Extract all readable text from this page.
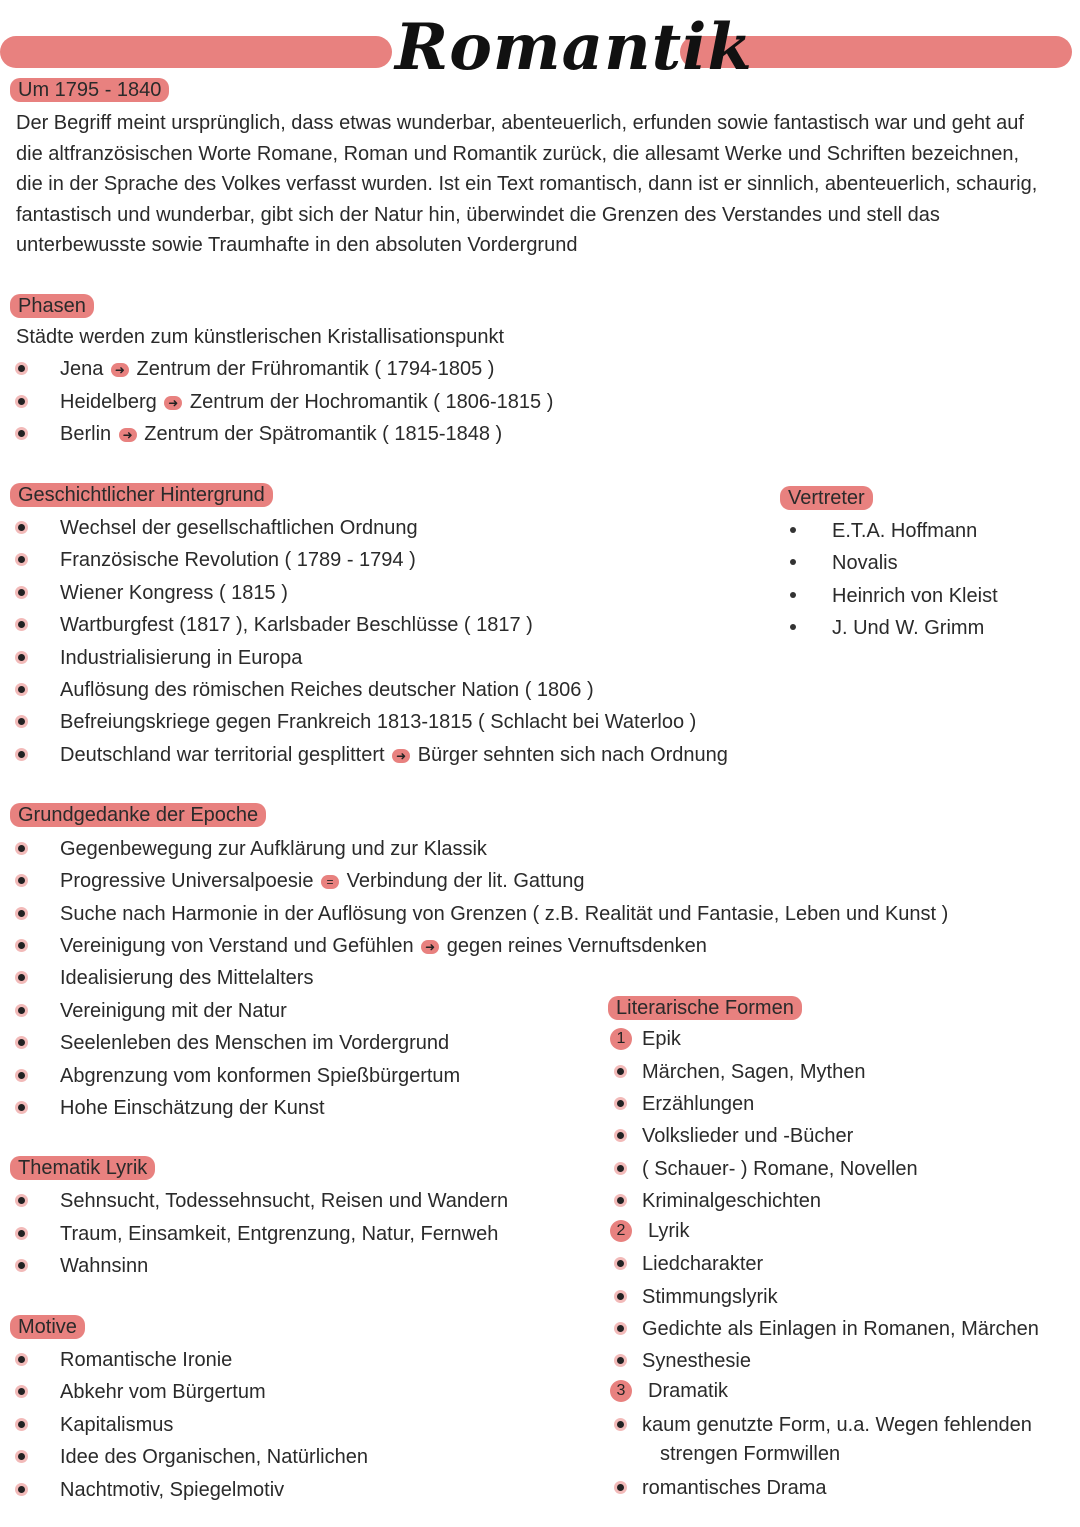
Romantik
Um 1795 - 1840

Der Begriff meint ursprünglich, dass etwas wunderbar, abenteuerlich, erfunden sowie fantastisch war und geht auf die altfranzösischen Worte Romane, Roman und Romantik zurück, die allesamt Werke und Schriften bezeichnen, die in der Sprache des Volkes verfasst wurden. Ist ein Text romantisch, dann ist er sinnlich, abenteuerlich, schaurig, fantastisch und wunderbar, gibt sich der Natur hin, überwindet die Grenzen des Verstandes und stell das unterbewusste sowie Traumhafte in den absoluten Vordergrund

Phasen
Städte werden zum künstlerischen Kristallisationspunkt
Jena ➜ Zentrum der Frühromantik ( 1794-1805 )
Heidelberg ➜ Zentrum der Hochromantik ( 1806-1815 )
Berlin ➜ Zentrum der Spätromantik ( 1815-1848 )
Geschichtlicher Hintergrund
Wechsel der gesellschaftlichen Ordnung
Französische Revolution ( 1789 - 1794 )
Wiener Kongress ( 1815 )
Wartburgfest (1817 ), Karlsbader Beschlüsse ( 1817 )
Industrialisierung in Europa
Auflösung des römischen Reiches deutscher Nation ( 1806 )
Befreiungskriege gegen Frankreich 1813-1815 ( Schlacht bei Waterloo )
Deutschland war territorial gesplittert ➜ Bürger sehnten sich nach Ordnung
Vertreter
E.T.A. Hoffmann
Novalis
Heinrich von Kleist
J. Und W. Grimm
Grundgedanke der Epoche
Gegenbewegung zur Aufklärung und zur Klassik
Progressive Universalpoesie = Verbindung der lit. Gattung
Suche nach Harmonie in der Auflösung von Grenzen ( z.B. Realität und Fantasie, Leben und Kunst )
Vereinigung von Verstand und Gefühlen ➜ gegen reines Vernuftsdenken
Idealisierung des Mittelalters
Vereinigung mit der Natur
Seelenleben des Menschen im Vordergrund
Abgrenzung vom konformen Spießbürgertum
Hohe Einschätzung der Kunst
Thematik Lyrik
Sehnsucht, Todessehnsucht, Reisen und Wandern
Traum, Einsamkeit, Entgrenzung, Natur, Fernweh
Wahnsinn
Motive
Romantische Ironie
Abkehr vom Bürgertum
Kapitalismus
Idee des Organischen, Natürlichen
Nachtmotiv, Spiegelmotiv
Literarische Formen
1 Epik
Märchen, Sagen, Mythen
Erzählungen
Volkslieder und -Bücher
( Schauer- ) Romane, Novellen
Kriminalgeschichten
2	Lyrik
Liedcharakter
Stimmungslyrik
Gedichte als Einlagen in Romanen, Märchen
Synesthesie
3	Dramatik
kaum genutzte Form, u.a. Wegen fehlenden
strengen Formwillen
romantisches Drama
